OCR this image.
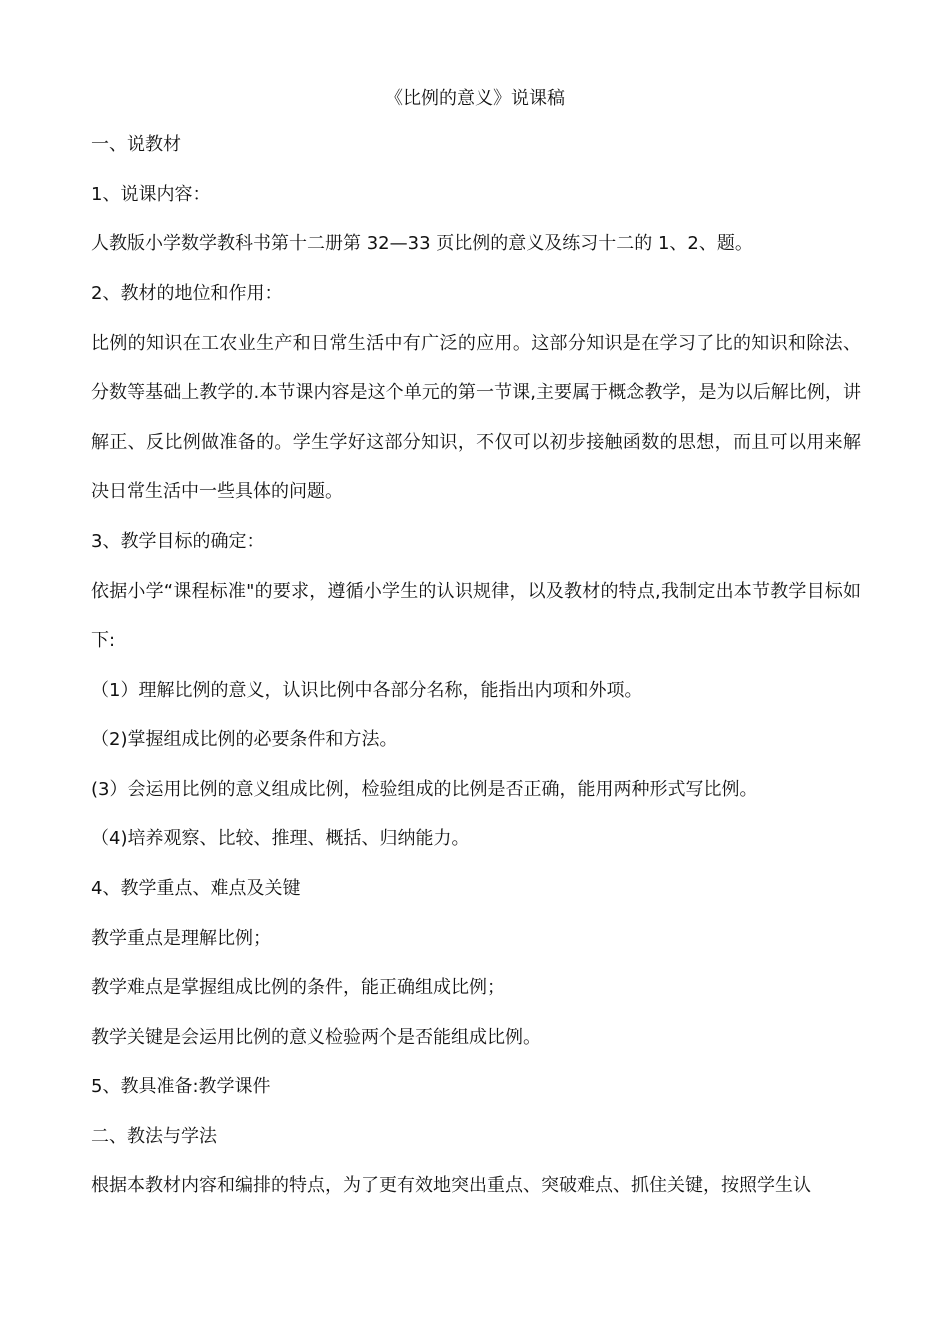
《比例的意义》说课稿
一、说教材
1、说课内容：
人教版小学数学教科书第十二册第 32—33 页比例的意义及练习十二的 1、2、题。
2、教材的地位和作用：
比例的知识在工农业生产和日常生活中有广泛的应用。这部分知识是在学习了比的知识和除法、分数等基础上教学的.本节课内容是这个单元的第一节课,主要属于概念教学，是为以后解比例，讲解正、反比例做准备的。学生学好这部分知识，不仅可以初步接触函数的思想，而且可以用来解决日常生活中一些具体的问题。
3、教学目标的确定：
依据小学“课程标准"的要求，遵循小学生的认识规律，以及教材的特点,我制定出本节教学目标如下:
（1）理解比例的意义，认识比例中各部分名称，能指出内项和外项。
（2)掌握组成比例的必要条件和方法。
(3）会运用比例的意义组成比例，检验组成的比例是否正确，能用两种形式写比例。
（4)培养观察、比较、推理、概括、归纳能力。
4、教学重点、难点及关键
教学重点是理解比例；
教学难点是掌握组成比例的条件，能正确组成比例；
教学关键是会运用比例的意义检验两个是否能组成比例。
5、教具准备:教学课件
二、教法与学法
根据本教材内容和编排的特点，为了更有效地突出重点、突破难点、抓住关键，按照学生认
